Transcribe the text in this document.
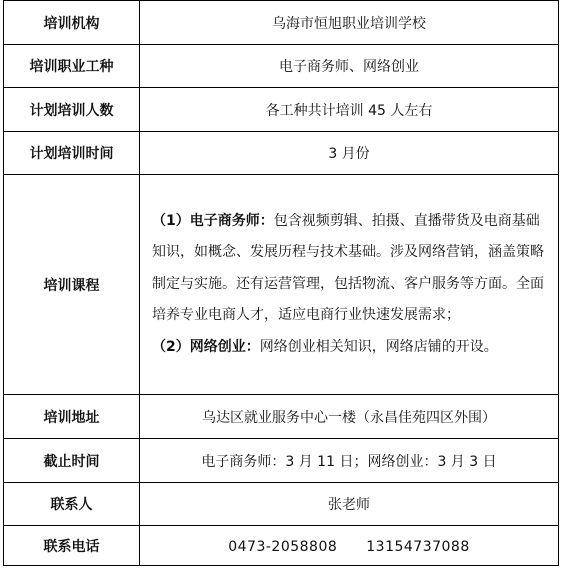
培训机构	乌海市恒旭职业培训学校
培训职业工种	电子商务师、网络创业
计划培训人数	各工种共计培训 45 人左右
计划培训时间	3 月份
培训课程	（1）电子商务师：包含视频剪辑、拍摄、直播带货及电商基础知识，如概念、发展历程与技术基础。涉及网络营销，涵盖策略制定与实施。还有运营管理，包括物流、客户服务等方面。全面培养专业电商人才，适应电商行业快速发展需求；
（2）网络创业：网络创业相关知识，网络店铺的开设。

培训地址	乌达区就业服务中心一楼（永昌佳苑四区外围）
截止时间	电子商务师：3 月 11 日；网络创业：3 月 3 日
联系人	张老师
联系电话	0473-2058808　　13154737088
